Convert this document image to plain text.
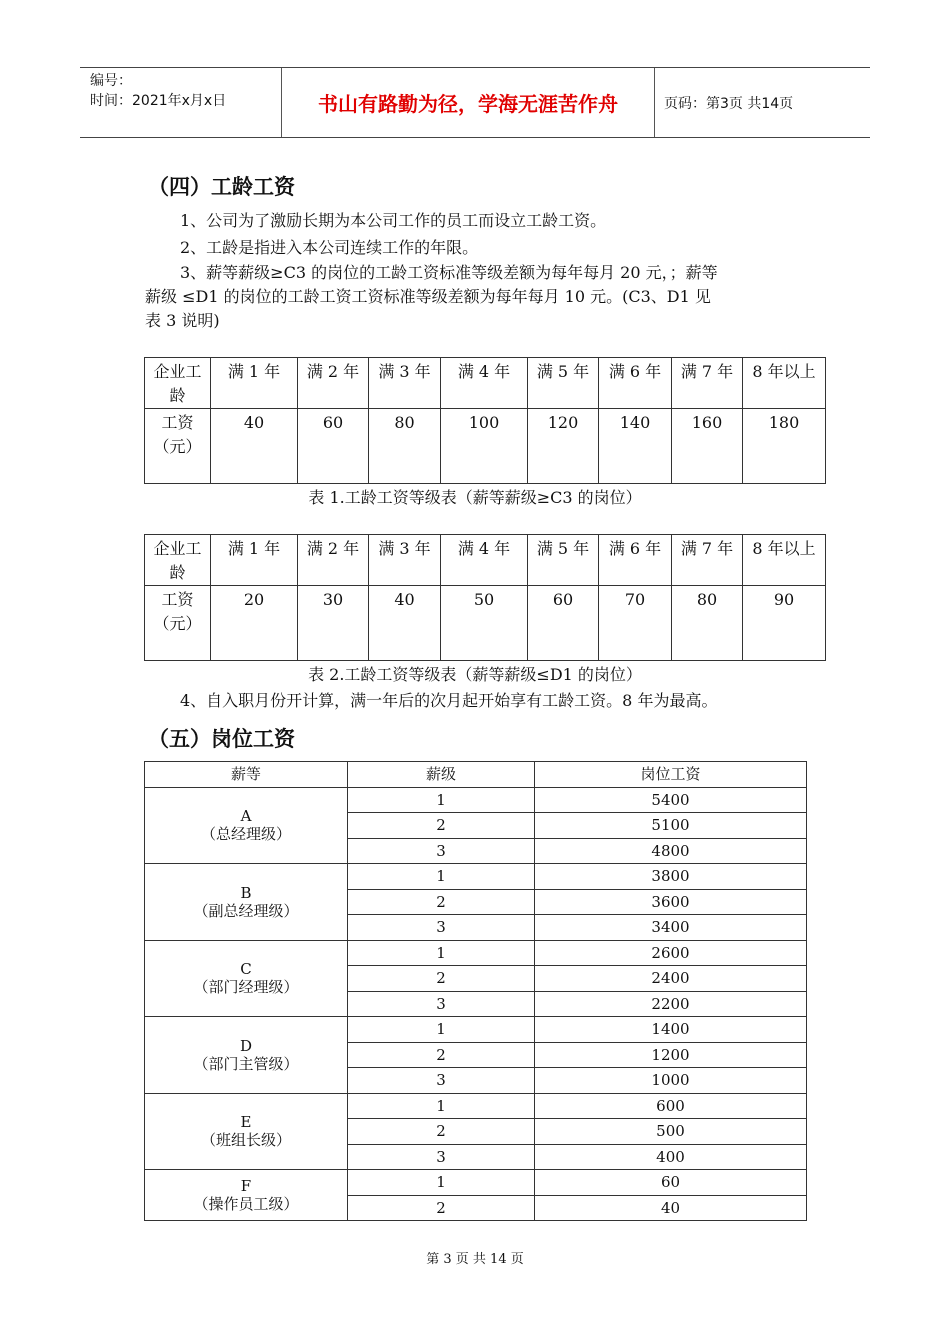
编号：
时间：2021年x月x日	书山有路勤为径，学海无涯苦作舟	页码：第3页 共14页
（四）工龄工资
1、公司为了激励长期为本公司工作的员工而设立工龄工资。
2、工龄是指进入本公司连续工作的年限。
3、薪等薪级≥C3 的岗位的工龄工资标准等级差额为每年每月 20 元，；薪等
薪级 ≤D1 的岗位的工龄工资工资标准等级差额为每年每月 10 元。(C3、D1 见
表 3 说明)
企业工龄	满 1 年	满 2 年	满 3 年	满 4 年	满 5 年	满 6 年	满 7 年	8 年以上
工资（元）	40	60	80	100	120	140	160	180
表 1.工龄工资等级表（薪等薪级≥C3 的岗位）
企业工龄	满 1 年	满 2 年	满 3 年	满 4 年	满 5 年	满 6 年	满 7 年	8 年以上
工资（元）	20	30	40	50	60	70	80	90
表 2.工龄工资等级表（薪等薪级≤D1 的岗位）
4、自入职月份开计算，满一年后的次月起开始享有工龄工资。8 年为最高。
（五）岗位工资
薪等	薪级	岗位工资

A
（总经理级）	1	5400
	2	5100
	3	4800

B
（副总经理级）	1	3800
	2	3600
	3	3400

C
（部门经理级）	1	2600
	2	2400
	3	2200

D
（部门主管级）	1	1400
	2	1200
	3	1000

E
（班组长级）	1	600
	2	500
	3	400

F
（操作员工级）	1	60
	2	40
第 3 页 共 14 页
